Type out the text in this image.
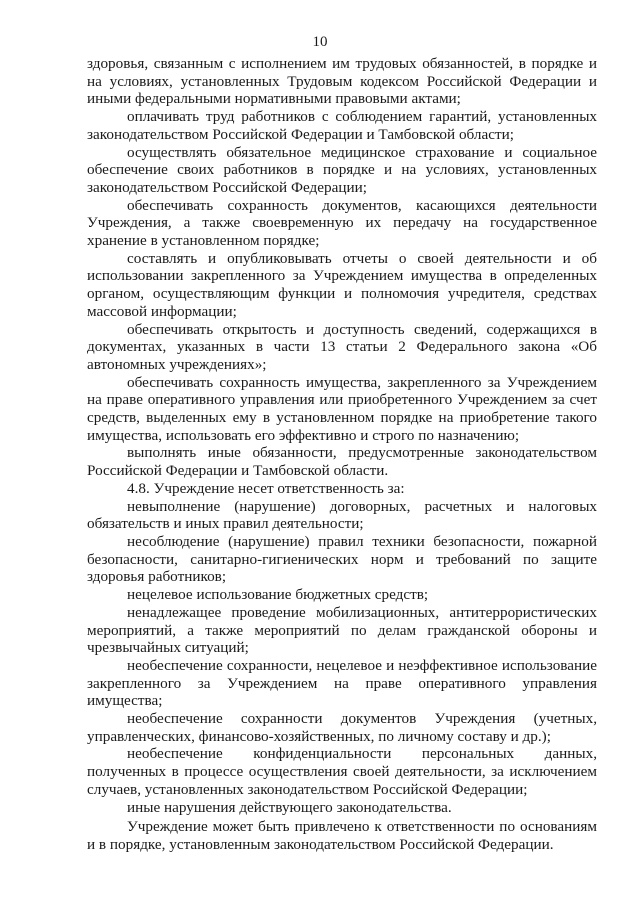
10

здоровья, связанным с исполнением им трудовых обязанностей, в порядке и на условиях, установленных Трудовым кодексом Российской Федерации и иными федеральными нормативными правовыми актами;

оплачивать труд работников с соблюдением гарантий, установленных законодательством Российской Федерации и Тамбовской области;

осуществлять обязательное медицинское страхование и социальное обеспечение своих работников в порядке и на условиях, установленных законодательством Российской Федерации;

обеспечивать сохранность документов, касающихся деятельности Учреждения, а также своевременную их передачу на государственное хранение в установленном порядке;

составлять и опубликовывать отчеты о своей деятельности и об использовании закрепленного за Учреждением имущества в определенных органом, осуществляющим функции и полномочия учредителя, средствах массовой информации;

обеспечивать открытость и доступность сведений, содержащихся в документах, указанных в части 13 статьи 2 Федерального закона «Об автономных учреждениях»;

обеспечивать сохранность имущества, закрепленного за Учреждением на праве оперативного управления или приобретенного Учреждением за счет средств, выделенных ему в установленном порядке на приобретение такого имущества, использовать его эффективно и строго по назначению;

выполнять иные обязанности, предусмотренные законодательством Российской Федерации и Тамбовской области.

4.8. Учреждение несет ответственность за:

невыполнение (нарушение) договорных, расчетных и налоговых обязательств и иных правил деятельности;

несоблюдение (нарушение) правил техники безопасности, пожарной безопасности, санитарно-гигиенических норм и требований по защите здоровья работников;

нецелевое использование бюджетных средств;

ненадлежащее проведение мобилизационных, антитеррористических мероприятий, а также мероприятий по делам гражданской обороны и чрезвычайных ситуаций;

необеспечение сохранности, нецелевое и неэффективное использование закрепленного за Учреждением на праве оперативного управления имущества;

необеспечение сохранности документов Учреждения (учетных, управленческих, финансово-хозяйственных, по личному составу и др.);

необеспечение конфиденциальности персональных данных, полученных в процессе осуществления своей деятельности, за исключением случаев, установленных законодательством Российской Федерации;

иные нарушения действующего законодательства.

Учреждение может быть привлечено к ответственности по основаниям и в порядке, установленным законодательством Российской Федерации.
